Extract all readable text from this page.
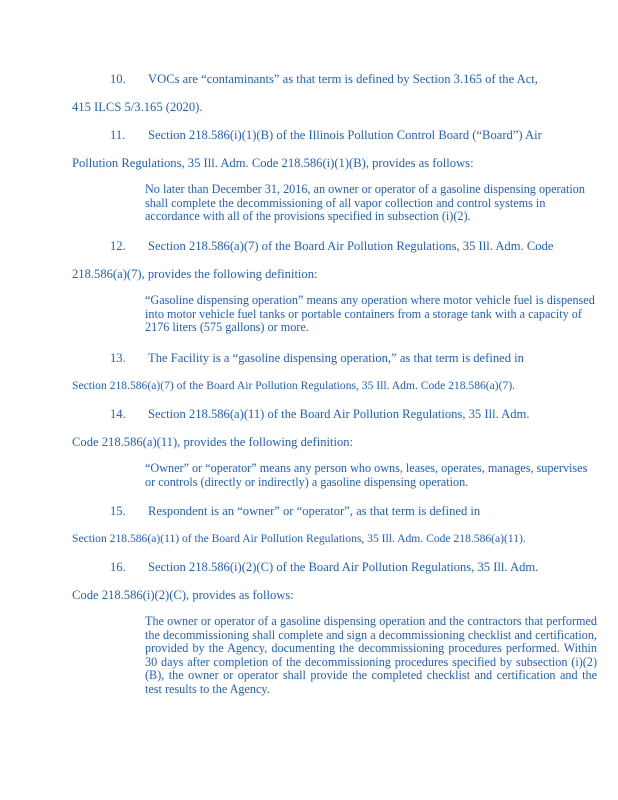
10. VOCs are “contaminants” as that term is defined by Section 3.165 of the Act,
415 ILCS 5/3.165 (2020).
11. Section 218.586(i)(1)(B) of the Illinois Pollution Control Board (“Board”) Air
Pollution Regulations, 35 Ill. Adm. Code 218.586(i)(1)(B), provides as follows:
No later than December 31, 2016, an owner or operator of a gasoline dispensing operation shall complete the decommissioning of all vapor collection and control systems in accordance with all of the provisions specified in subsection (i)(2).
12. Section 218.586(a)(7) of the Board Air Pollution Regulations, 35 Ill. Adm. Code
218.586(a)(7), provides the following definition:
“Gasoline dispensing operation” means any operation where motor vehicle fuel is dispensed into motor vehicle fuel tanks or portable containers from a storage tank with a capacity of 2176 liters (575 gallons) or more.
13. The Facility is a “gasoline dispensing operation,” as that term is defined in
Section 218.586(a)(7) of the Board Air Pollution Regulations, 35 Ill. Adm. Code 218.586(a)(7).
14. Section 218.586(a)(11) of the Board Air Pollution Regulations, 35 Ill. Adm.
Code 218.586(a)(11), provides the following definition:
“Owner” or “operator” means any person who owns, leases, operates, manages, supervises or controls (directly or indirectly) a gasoline dispensing operation.
15. Respondent is an “owner” or “operator”, as that term is defined in
Section 218.586(a)(11) of the Board Air Pollution Regulations, 35 Ill. Adm. Code 218.586(a)(11).
16. Section 218.586(i)(2)(C) of the Board Air Pollution Regulations, 35 Ill. Adm.
Code 218.586(i)(2)(C), provides as follows:
The owner or operator of a gasoline dispensing operation and the contractors that performed the decommissioning shall complete and sign a decommissioning checklist and certification, provided by the Agency, documenting the decommissioning procedures performed. Within 30 days after completion of the decommissioning procedures specified by subsection (i)(2)(B), the owner or operator shall provide the completed checklist and certification and the test results to the Agency.
